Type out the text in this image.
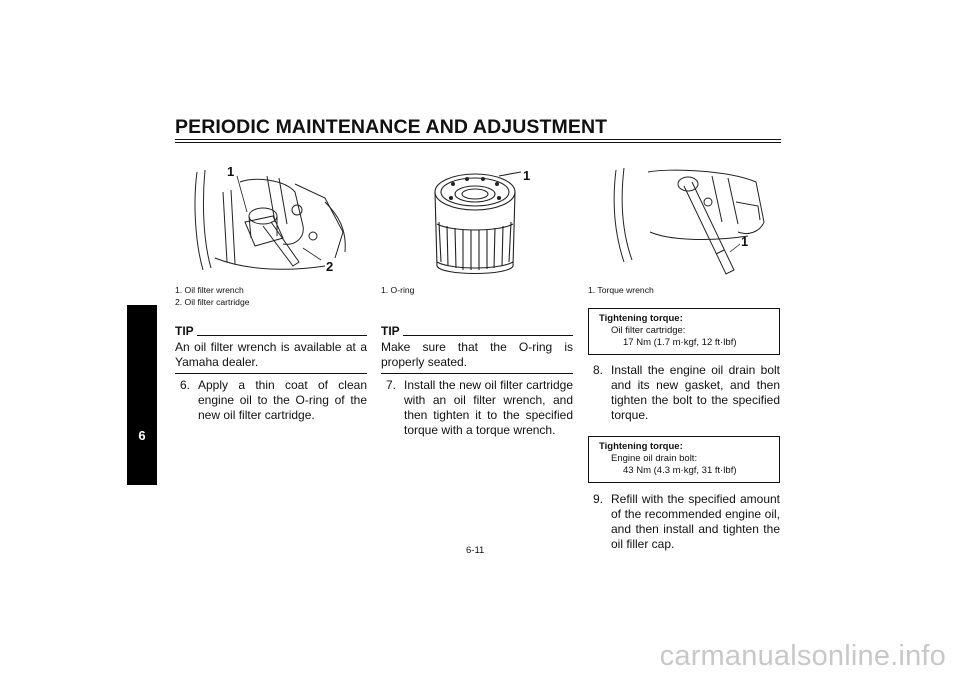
PERIODIC MAINTENANCE AND ADJUSTMENT
6
1
2
1. Oil filter wrench
2. Oil filter cartridge
TIP
An oil filter wrench is available at a Yamaha dealer.
6. Apply a thin coat of clean engine oil to the O-ring of the new oil filter cartridge.
1
1. O-ring
TIP
Make sure that the O-ring is properly seated.
7. Install the new oil filter cartridge with an oil filter wrench, and then tighten it to the specified torque with a torque wrench.
1
1. Torque wrench
Tightening torque:
Oil filter cartridge:
17 Nm (1.7 m·kgf, 12 ft·lbf)
8. Install the engine oil drain bolt and its new gasket, and then tighten the bolt to the specified torque.
Tightening torque:
Engine oil drain bolt:
43 Nm (4.3 m·kgf, 31 ft·lbf)
9. Refill with the specified amount of the recommended engine oil, and then install and tighten the oil filler cap.
6-11
carmanualsonline.info
